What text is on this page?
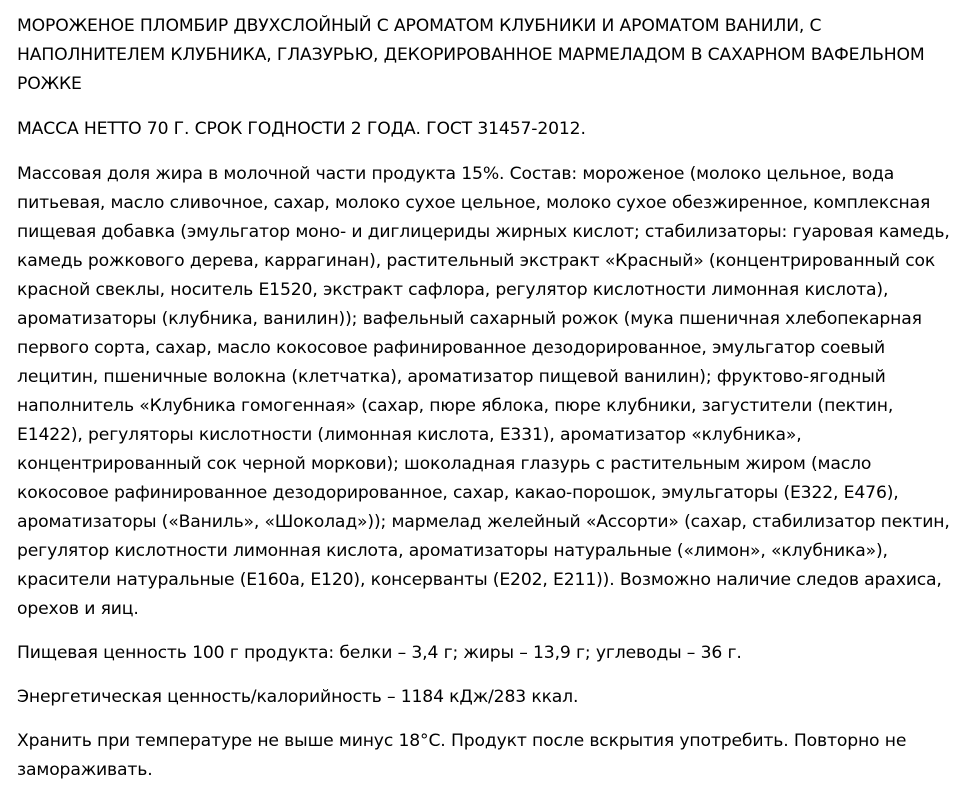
МОРОЖЕНОЕ ПЛОМБИР ДВУХСЛОЙНЫЙ С АРОМАТОМ КЛУБНИКИ И АРОМАТОМ ВАНИЛИ, С НАПОЛНИТЕЛЕМ КЛУБНИКА, ГЛАЗУРЬЮ, ДЕКОРИРОВАННОЕ МАРМЕЛАДОМ В САХАРНОМ ВАФЕЛЬНОМ РОЖКЕ

МАССА НЕТТО 70 Г. СРОК ГОДНОСТИ 2 ГОДА. ГОСТ 31457-2012.

Массовая доля жира в молочной части продукта 15%. Состав: мороженое (молоко цельное, вода питьевая, масло сливочное, сахар, молоко сухое цельное, молоко сухое обезжиренное, комплексная пищевая добавка (эмульгатор моно- и диглицериды жирных кислот; стабилизаторы: гуаровая камедь, камедь рожкового дерева, каррагинан), растительный экстракт «Красный» (концентрированный сок красной свеклы, носитель Е1520, экстракт сафлора, регулятор кислотности лимонная кислота), ароматизаторы (клубника, ванилин)); вафельный сахарный рожок (мука пшеничная хлебопекарная первого сорта, сахар, масло кокосовое рафинированное дезодорированное, эмульгатор соевый лецитин, пшеничные волокна (клетчатка), ароматизатор пищевой ванилин); фруктово-ягодный наполнитель «Клубника гомогенная» (сахар, пюре яблока, пюре клубники, загустители (пектин, Е1422), регуляторы кислотности (лимонная кислота, Е331), ароматизатор «клубника», концентрированный сок черной моркови); шоколадная глазурь с растительным жиром (масло кокосовое рафинированное дезодорированное, сахар, какао-порошок, эмульгаторы (Е322, Е476), ароматизаторы («Ваниль», «Шоколад»)); мармелад желейный «Ассорти» (сахар, стабилизатор пектин, регулятор кислотности лимонная кислота, ароматизаторы натуральные («лимон», «клубника»), красители натуральные (Е160а, Е120), консерванты (Е202, Е211)). Возможно наличие следов арахиса, орехов и яиц.

Пищевая ценность 100 г продукта: белки – 3,4 г; жиры – 13,9 г; углеводы – 36 г.

Энергетическая ценность/калорийность – 1184 кДж/283 ккал.

Хранить при температуре не выше минус 18°С. Продукт после вскрытия употребить. Повторно не замораживать.
